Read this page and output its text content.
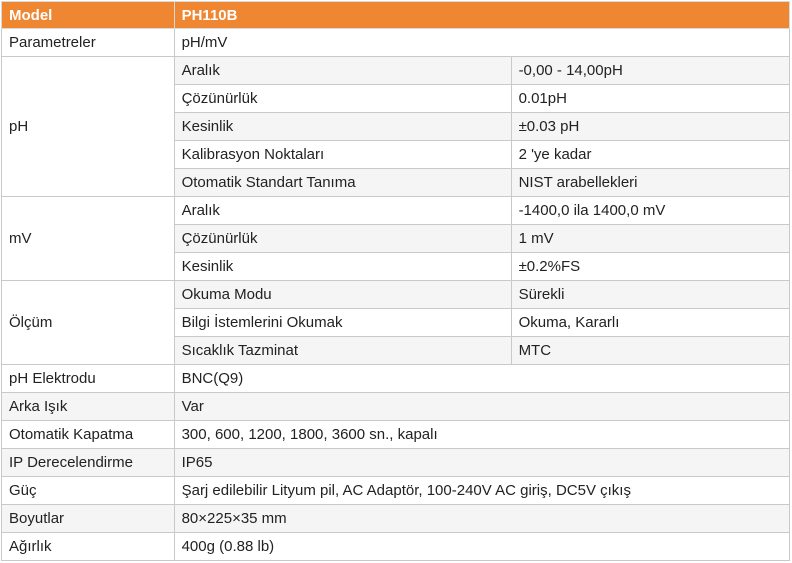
Model	PH110B	
Parametreler	pH/mV	
pH	Aralık	-0,00 - 14,00pH
	Çözünürlük	0.01pH
	Kesinlik	±0.03 pH
	Kalibrasyon Noktaları	2 'ye kadar
	Otomatik Standart Tanıma	NIST arabellekleri
mV	Aralık	-1400,0 ila 1400,0 mV
	Çözünürlük	1 mV
	Kesinlik	±0.2%FS
Ölçüm	Okuma Modu	Sürekli
	Bilgi İstemlerini Okumak	Okuma, Kararlı
	Sıcaklık Tazminat	MTC
pH Elektrodu	BNC(Q9)	
Arka Işık	Var	
Otomatik Kapatma	300, 600, 1200, 1800, 3600 sn., kapalı	
IP Derecelendirme	IP65	
Güç	Şarj edilebilir Lityum pil, AC Adaptör, 100-240V AC giriş, DC5V çıkış	
Boyutlar	80×225×35 mm	
Ağırlık	400g (0.88 lb)	
